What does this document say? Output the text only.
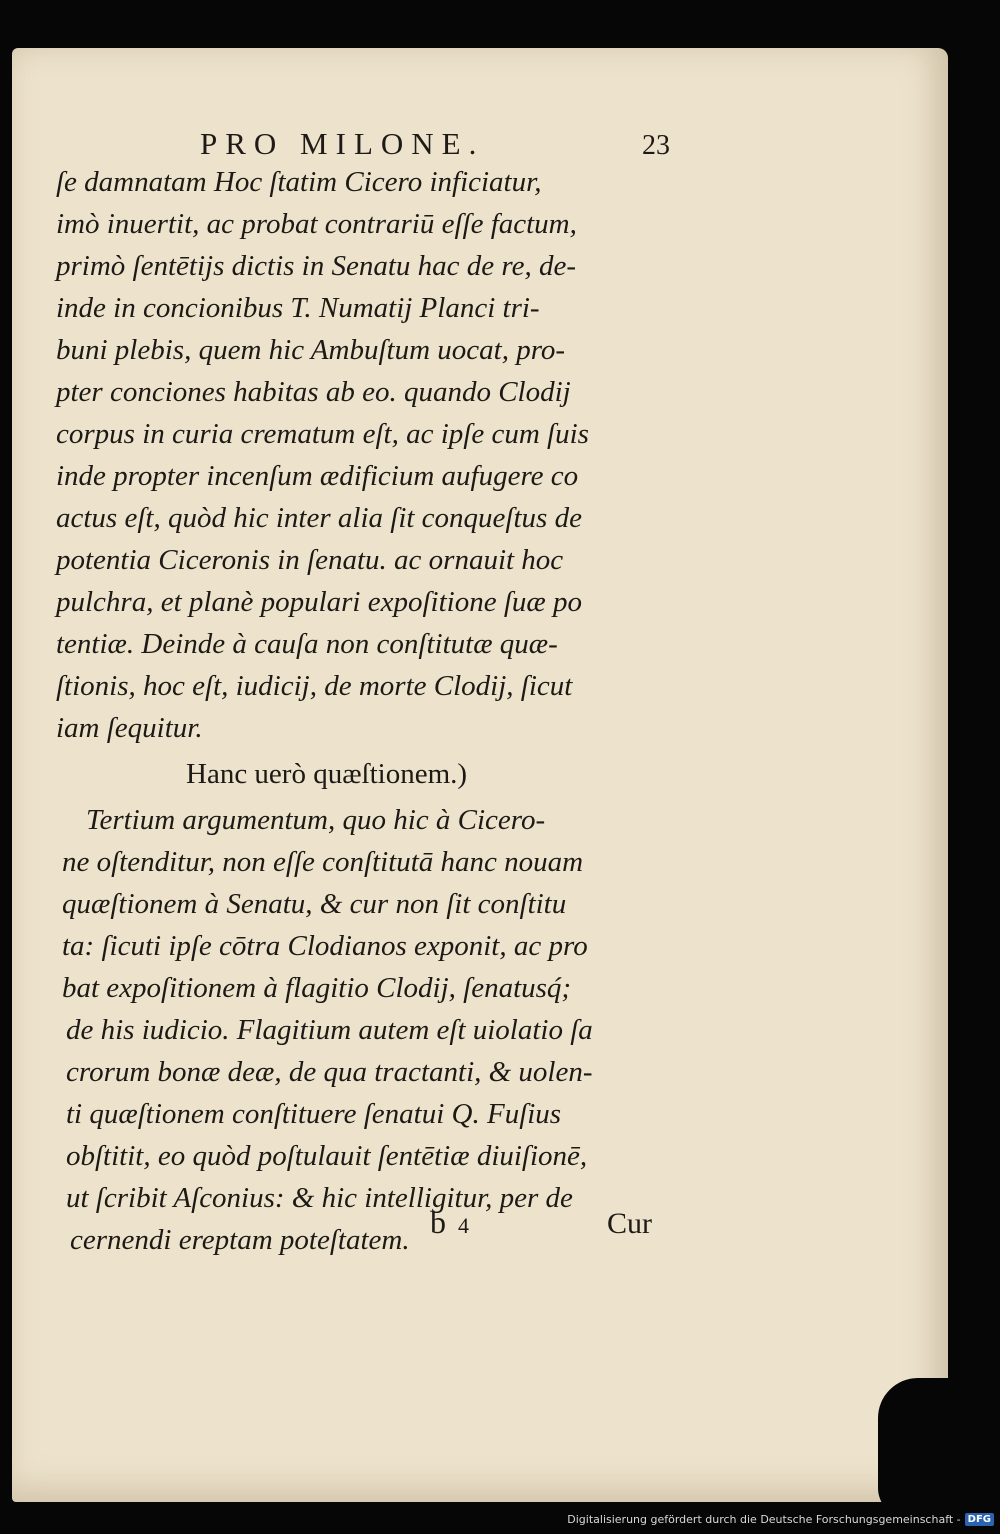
PRO MILONE.	23
ſe damnatam Hoc ſtatim Cicero inficiatur,
imò inuertit, ac probat contrariū eſſe factum,
primò ſentētijs dictis in Senatu hac de re, de-
inde in concionibus T. Numatij Planci tri-
buni plebis, quem hic Ambuſtum uocat, pro-
pter conciones habitas ab eo. quando Clodij
corpus in curia crematum eſt, ac ipſe cum ſuis
inde propter incenſum ædificium aufugere co
actus eſt, quòd hic inter alia ſit conqueſtus de
potentia Ciceronis in ſenatu. ac ornauit hoc
pulchra, et planè populari expoſitione ſuæ po
tentiæ. Deinde à cauſa non conſtitutæ quæ-
ſtionis, hoc eſt, iudicij, de morte Clodij, ſicut
iam ſequitur.
Hanc uerò quæſtionem.)
Tertium argumentum, quo hic à Cicero-
ne oſtenditur, non eſſe conſtitutā hanc nouam
quæſtionem à Senatu, & cur non ſit conſtitu
ta: ſicuti ipſe cōtra Clodianos exponit, ac pro
bat expoſitionem à flagitio Clodij, ſenatusq́;
de his iudicio. Flagitium autem eſt uiolatio ſa
crorum bonæ deæ, de qua tractanti, & uolen-
ti quæſtionem conſtituere ſenatui Q. Fuſius
obſtitit, eo quòd poſtulauit ſentētiæ diuiſionē,
ut ſcribit Aſconius: & hic intelligitur, per de
cernendi ereptam poteſtatem. b 4	Cur
Digitalisierung gefördert durch die Deutsche Forschungsgemeinschaft - DFG
